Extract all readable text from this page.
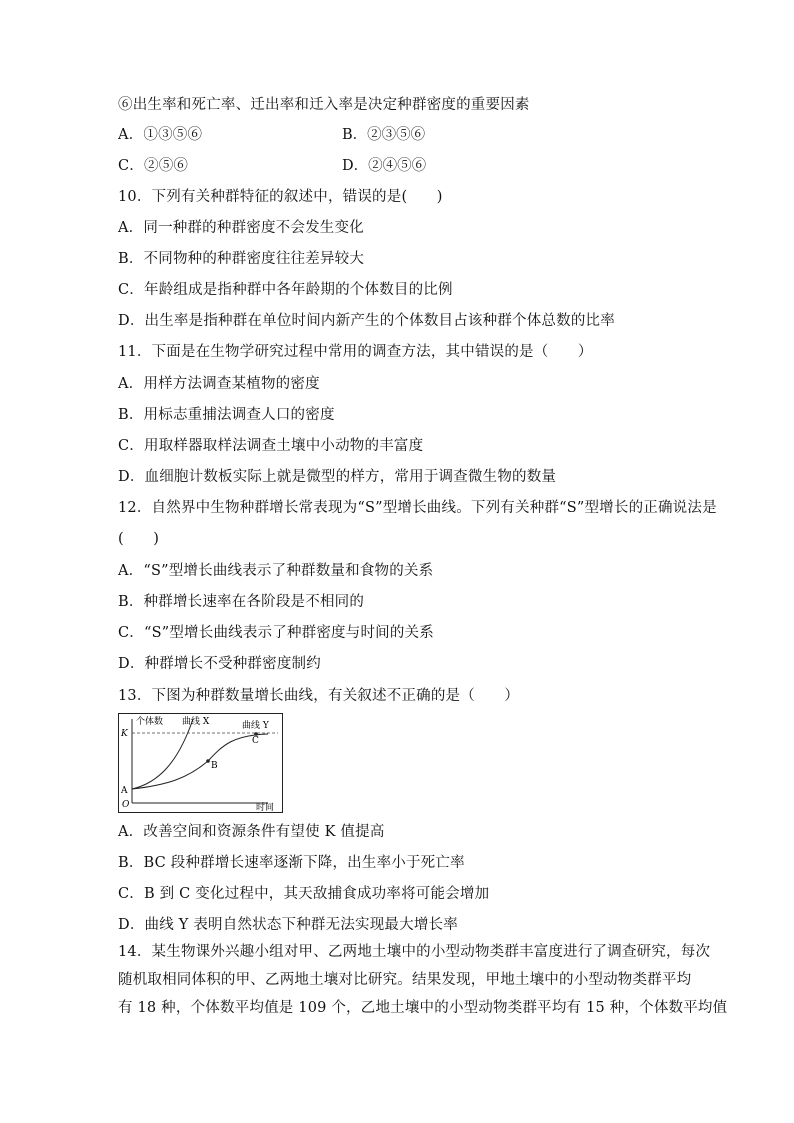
⑥出生率和死亡率、迁出率和迁入率是决定种群密度的重要因素
A．①③⑤⑥	B．②③⑤⑥
C．②⑤⑥	D．②④⑤⑥
10．下列有关种群特征的叙述中，错误的是(　　)
A．同一种群的种群密度不会发生变化
B．不同物种的种群密度往往差异较大
C．年龄组成是指种群中各年龄期的个体数目的比例
D．出生率是指种群在单位时间内新产生的个体数目占该种群个体总数的比率
11．下面是在生物学研究过程中常用的调查方法，其中错误的是（　　）
A．用样方法调查某植物的密度
B．用标志重捕法调查人口的密度
C．用取样器取样法调查土壤中小动物的丰富度
D．血细胞计数板实际上就是微型的样方，常用于调查微生物的数量
12．自然界中生物种群增长常表现为“S”型增长曲线。下列有关种群“S”型增长的正确说法是
(　　)
A．“S”型增长曲线表示了种群数量和食物的关系
B．种群增长速率在各阶段是不相同的
C．“S”型增长曲线表示了种群密度与时间的关系
D．种群增长不受种群密度制约
13．下图为种群数量增长曲线，有关叙述不正确的是（　　）
个体数 曲线 X	曲线 Y
K
A
B
C
O	时间
A．改善空间和资源条件有望使 K 值提高
B．BC 段种群增长速率逐渐下降，出生率小于死亡率
C．B 到 C 变化过程中，其天敌捕食成功率将可能会增加
D．曲线 Y 表明自然状态下种群无法实现最大增长率
14．某生物课外兴趣小组对甲、乙两地土壤中的小型动物类群丰富度进行了调查研究，每次
随机取相同体积的甲、乙两地土壤对比研究。结果发现，甲地土壤中的小型动物类群平均
有 18 种，个体数平均值是 109 个，乙地土壤中的小型动物类群平均有 15 种，个体数平均值
